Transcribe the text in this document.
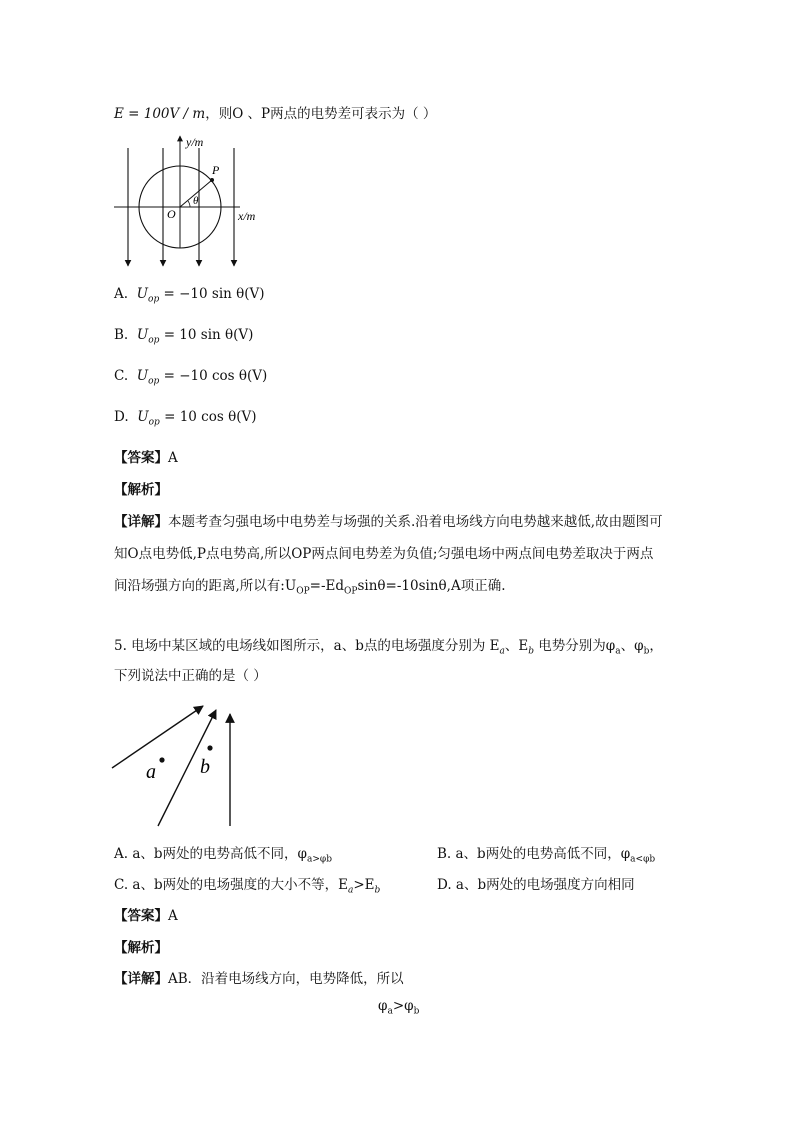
E = 100V / m，则O 、P两点的电势差可表示为（ ）
y/m
x/m
P
O
θ
A. $U_{op} = -10$ sin θ(V)
B. $U_{op} = 10$ sin θ(V)
C. $U_{op} = -10$ cos θ(V)
D. $U_{op} = 10$ cos θ(V)
【答案】A
【解析】
【详解】本题考查匀强电场中电势差与场强的关系.沿着电场线方向电势越来越低,故由题图可
知O点电势低,P点电势高,所以OP两点间电势差为负值;匀强电场中两点间电势差取决于两点
间沿场强方向的距离,所以有$:U_{OP}=-Ed_{OP}\sin\theta=-10\sin\theta,A$项正确.
5. 电场中某区域的电场线如图所示，a、b点的电场强度分别为 $E_a$、$E_b$ 电势分别为$\varphi_a$、$\varphi_b$，
下列说法中正确的是（ ）
a b
A. a、b两处的电势高低不同，$\varphi_{a>\varphi b}$	B. a、b两处的电势高低不同，$\varphi_{a<\varphi b}$
C. a、b两处的电场强度的大小不等，$E_a>E_b$	D. a、b两处的电场强度方向相同
【答案】A
【解析】
【详解】AB．沿着电场线方向，电势降低，所以
$\varphi_a>\varphi_b$
